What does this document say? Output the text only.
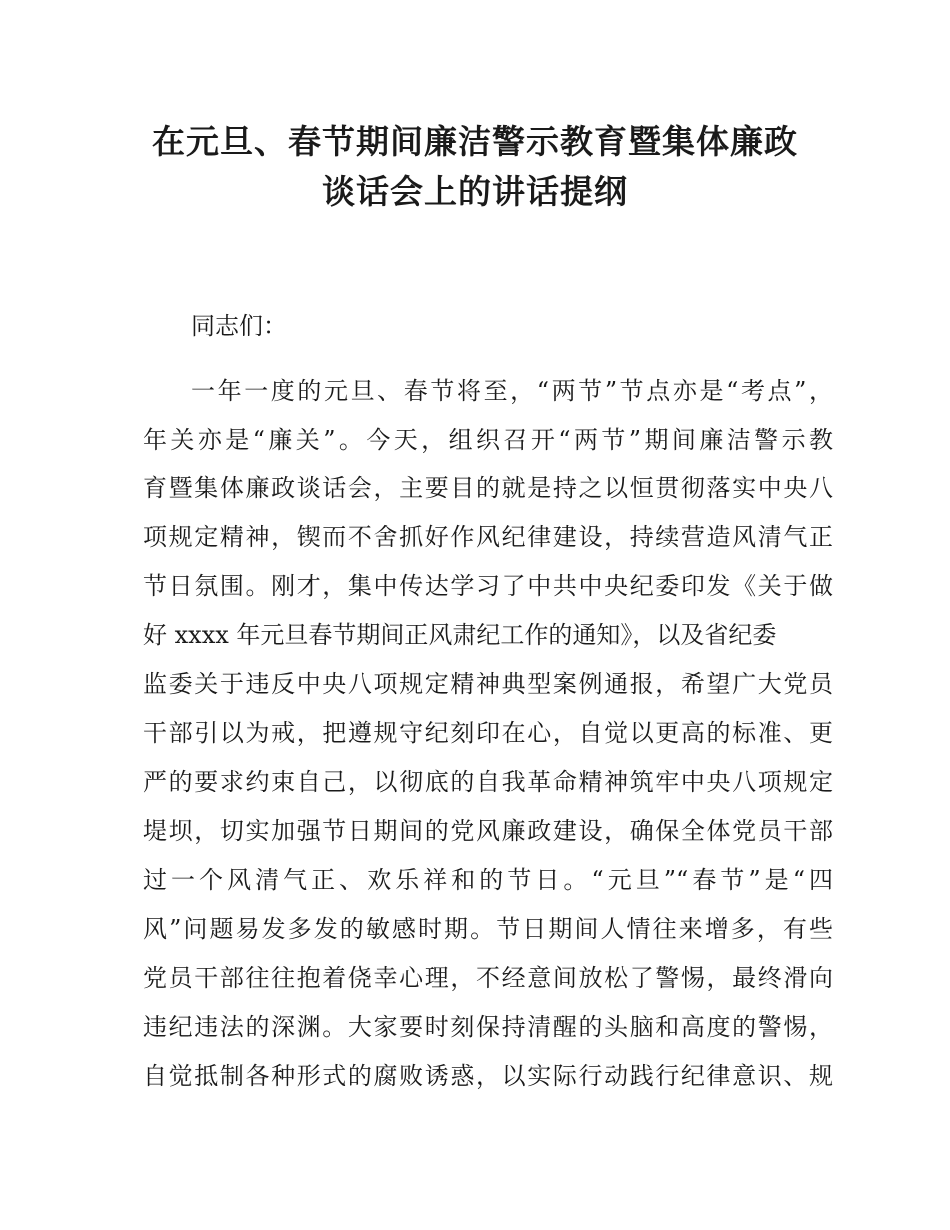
在元旦、春节期间廉洁警示教育暨集体廉政
谈话会上的讲话提纲

同志们：

一年一度的元旦、春节将至，“两节”节点亦是“考点”，

年关亦是“廉关”。今天，组织召开“两节”期间廉洁警示教

育暨集体廉政谈话会，主要目的就是持之以恒贯彻落实中央八

项规定精神，锲而不舍抓好作风纪律建设，持续营造风清气正

节日氛围。刚才，集中传达学习了中共中央纪委印发《关于做

好 xxxx 年元旦春节期间正风肃纪工作的通知》，以及省纪委

监委关于违反中央八项规定精神典型案例通报，希望广大党员

干部引以为戒，把遵规守纪刻印在心，自觉以更高的标准、更

严的要求约束自己，以彻底的自我革命精神筑牢中央八项规定

堤坝，切实加强节日期间的党风廉政建设，确保全体党员干部

过一个风清气正、欢乐祥和的节日。“元旦”“春节”是“四

风”问题易发多发的敏感时期。节日期间人情往来增多，有些

党员干部往往抱着侥幸心理，不经意间放松了警惕，最终滑向

违纪违法的深渊。大家要时刻保持清醒的头脑和高度的警惕，

自觉抵制各种形式的腐败诱惑，以实际行动践行纪律意识、规
